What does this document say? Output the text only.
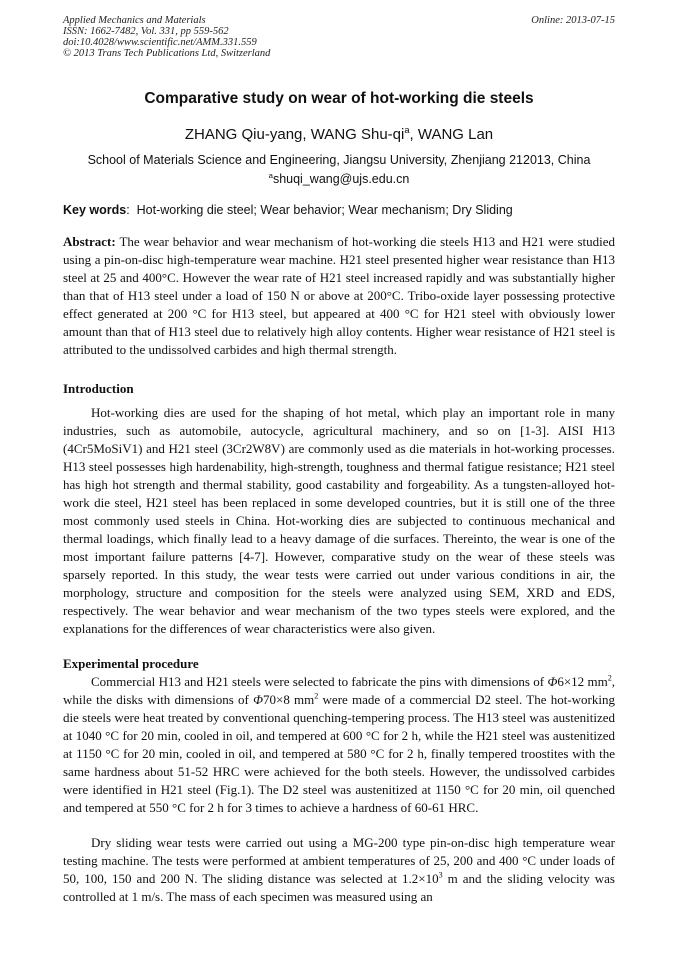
Applied Mechanics and Materials
ISSN: 1662-7482, Vol. 331, pp 559-562
doi:10.4028/www.scientific.net/AMM.331.559
© 2013 Trans Tech Publications Ltd, Switzerland
Online: 2013-07-15
Comparative study on wear of hot-working die steels
ZHANG Qiu-yang, WANG Shu-$qi^a$, WANG Lan
School of Materials Science and Engineering, Jiangsu University, Zhenjiang 212013, China
$^a$shuqi_wang@ujs.edu.cn
Key words: Hot-working die steel; Wear behavior; Wear mechanism; Dry Sliding
Abstract: The wear behavior and wear mechanism of hot-working die steels H13 and H21 were studied using a pin-on-disc high-temperature wear machine. H21 steel presented higher wear resistance than H13 steel at 25 and 400°C. However the wear rate of H21 steel increased rapidly and was substantially higher than that of H13 steel under a load of 150 N or above at 200°C. Tribo-oxide layer possessing protective effect generated at 200 °C for H13 steel, but appeared at 400 °C for H21 steel with obviously lower amount than that of H13 steel due to relatively high alloy contents. Higher wear resistance of H21 steel is attributed to the undissolved carbides and high thermal strength.
Introduction
Hot-working dies are used for the shaping of hot metal, which play an important role in many industries, such as automobile, autocycle, agricultural machinery, and so on [1-3]. AISI H13 (4Cr5MoSiV1) and H21 steel (3Cr2W8V) are commonly used as die materials in hot-working processes. H13 steel possesses high hardenability, high-strength, toughness and thermal fatigue resistance; H21 steel has high hot strength and thermal stability, good castability and forgeability. As a tungsten-alloyed hot-work die steel, H21 steel has been replaced in some developed countries, but it is still one of the three most commonly used steels in China. Hot-working dies are subjected to continuous mechanical and thermal loadings, which finally lead to a heavy damage of die surfaces. Thereinto, the wear is one of the most important failure patterns [4-7]. However, comparative study on the wear of these steels was sparsely reported. In this study, the wear tests were carried out under various conditions in air, the morphology, structure and composition for the steels were analyzed using SEM, XRD and EDS, respectively. The wear behavior and wear mechanism of the two types steels were explored, and the explanations for the differences of wear characteristics were also given.
Experimental procedure
Commercial H13 and H21 steels were selected to fabricate the pins with dimensions of Φ6×12 $mm^2$, while the disks with dimensions of Φ70×8 $mm^2$ were made of a commercial D2 steel. The hot-working die steels were heat treated by conventional quenching-tempering process. The H13 steel was austenitized at 1040 °C for 20 min, cooled in oil, and tempered at 600 °C for 2 h, while the H21 steel was austenitized at 1150 °C for 20 min, cooled in oil, and tempered at 580 °C for 2 h, finally tempered troostites with the same hardness about 51-52 HRC were achieved for the both steels. However, the undissolved carbides were identified in H21 steel (Fig.1). The D2 steel was austenitized at 1150 °C for 20 min, oil quenched and tempered at 550 °C for 2 h for 3 times to achieve a hardness of 60-61 HRC.
Dry sliding wear tests were carried out using a MG-200 type pin-on-disc high temperature wear testing machine. The tests were performed at ambient temperatures of 25, 200 and 400 °C under loads of 50, 100, 150 and 200 N. The sliding distance was selected at $1.2\times 10^3$ m and the sliding velocity was controlled at 1 m/s. The mass of each specimen was measured using an
